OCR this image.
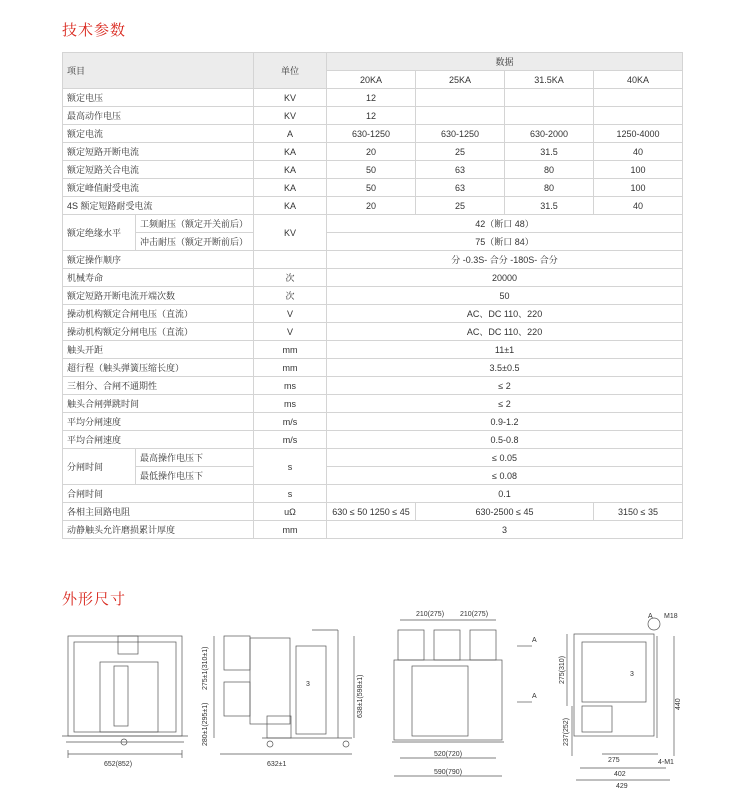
技术参数
项目		单位	数据			
			20KA	25KA	31.5KA	40KA
额定电压		KV	12			
最高动作电压		KV	12			
额定电流		A	630-1250	630-1250	630-2000	1250-4000
额定短路开断电流		KA	20	25	31.5	40
额定短路关合电流		KA	50	63	80	100
额定峰值耐受电流		KA	50	63	80	100
4S 额定短路耐受电流		KA	20	25	31.5	40
额定绝缘水平	工频耐压（额定开关前后）	KV	42（断口 48）			
	冲击耐压（额定开断前后）		75（断口 84）			
额定操作顺序			分 -0.3S- 合分 -180S- 合分			
机械寿命		次	20000			
额定短路开断电流开端次数		次	50			
操动机构额定合闸电压（直流）		V	AC、DC 110、220			
操动机构额定分闸电压（直流）		V	AC、DC 110、220			
触头开距		mm	11±1			
超行程（触头弹簧压缩长度）		mm	3.5±0.5			
三相分、合闸不通期性		ms	≤ 2			
触头合闸弹跳时间		ms	≤ 2			
平均分闸速度		m/s	0.9-1.2			
平均合闸速度		m/s	0.5-0.8			
分闸时间	最高操作电压下	s	≤ 0.05			
	最低操作电压下		≤ 0.08			
合闸时间		s	0.1			
各相主回路电阻		uΩ	630 ≤ 50 1250 ≤ 45	630-2500 ≤ 45		3150 ≤ 35
动静触头允许磨损累计厚度		mm	3			
外形尺寸
652(852)
3
632±1
275±1(310±1)
280±1(295±1)
638±1(598±1)
210(275) 210(275)
520(720)
590(790)
A
A
3
A M18
4-M1
275
402
429
275(310)
237(252)
440
